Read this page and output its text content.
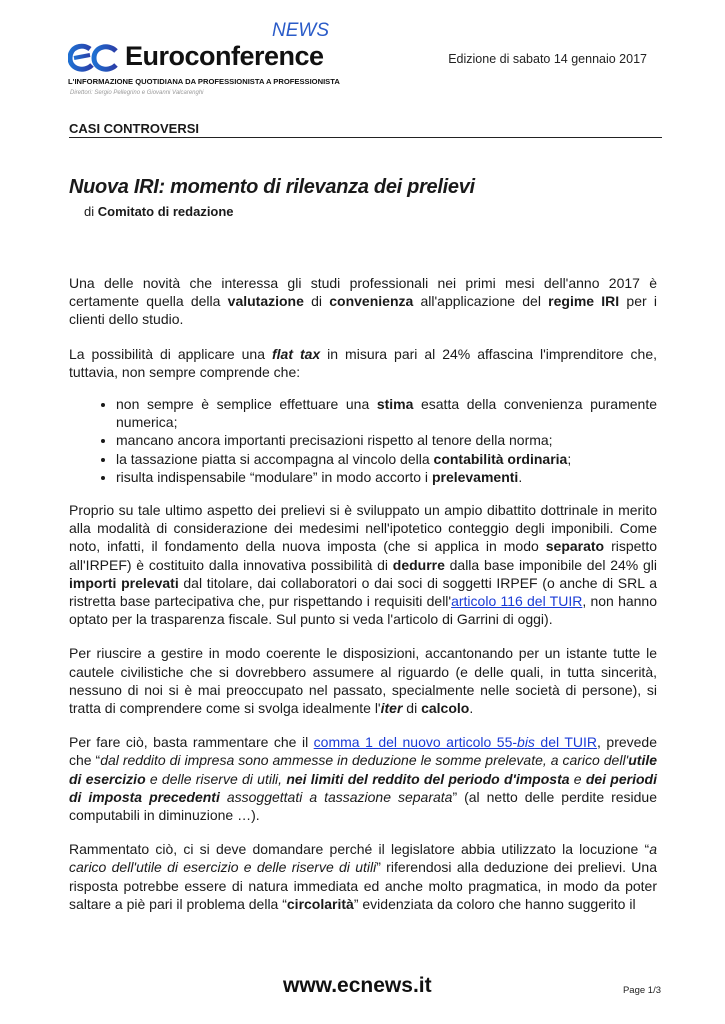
Euroconference
NEWS
L'INFORMAZIONE QUOTIDIANA DA PROFESSIONISTA A PROFESSIONISTA
Direttori: Sergio Pellegrino e Giovanni Valcarenghi
Edizione di sabato 14 gennaio 2017
CASI CONTROVERSI
Nuova IRI: momento di rilevanza dei prelievi
di Comitato di redazione

Una delle novità che interessa gli studi professionali nei primi mesi dell'anno 2017 è certamente quella della valutazione di convenienza all'applicazione del regime IRI per i clienti dello studio.

La possibilità di applicare una flat tax in misura pari al 24% affascina l'imprenditore che, tuttavia, non sempre comprende che:

• non sempre è semplice effettuare una stima esatta della convenienza puramente numerica;
• mancano ancora importanti precisazioni rispetto al tenore della norma;
• la tassazione piatta si accompagna al vincolo della contabilità ordinaria;
• risulta indispensabile “modulare” in modo accorto i prelevamenti.

Proprio su tale ultimo aspetto dei prelievi si è sviluppato un ampio dibattito dottrinale in merito alla modalità di considerazione dei medesimi nell'ipotetico conteggio degli imponibili. Come noto, infatti, il fondamento della nuova imposta (che si applica in modo separato rispetto all'IRPEF) è costituito dalla innovativa possibilità di dedurre dalla base imponibile del 24% gli importi prelevati dal titolare, dai collaboratori o dai soci di soggetti IRPEF (o anche di SRL a ristretta base partecipativa che, pur rispettando i requisiti dell'articolo 116 del TUIR, non hanno optato per la trasparenza fiscale. Sul punto si veda l'articolo di Garrini di oggi).

Per riuscire a gestire in modo coerente le disposizioni, accantonando per un istante tutte le cautele civilistiche che si dovrebbero assumere al riguardo (e delle quali, in tutta sincerità, nessuno di noi si è mai preoccupato nel passato, specialmente nelle società di persone), si tratta di comprendere come si svolga idealmente l'iter di calcolo.

Per fare ciò, basta rammentare che il comma 1 del nuovo articolo 55-bis del TUIR, prevede che “dal reddito di impresa sono ammesse in deduzione le somme prelevate, a carico dell'utile di esercizio e delle riserve di utili, nei limiti del reddito del periodo d'imposta e dei periodi di imposta precedenti assoggettati a tassazione separata” (al netto delle perdite residue computabili in diminuzione …).

Rammentato ciò, ci si deve domandare perché il legislatore abbia utilizzato la locuzione “a carico dell'utile di esercizio e delle riserve di utili” riferendosi alla deduzione dei prelievi. Una risposta potrebbe essere di natura immediata ed anche molto pragmatica, in modo da poter saltare a piè pari il problema della “circolarità” evidenziata da coloro che hanno suggerito il

www.ecnews.it	Page 1/3
